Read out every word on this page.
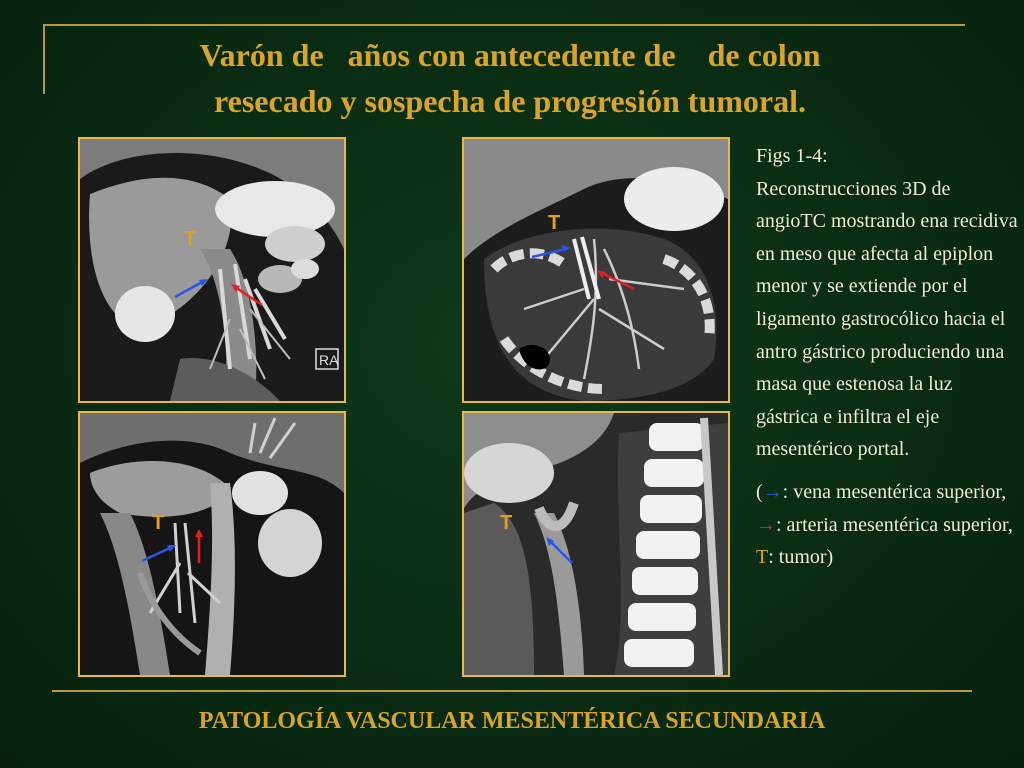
Varón de   años con antecedente de    de colon
resecado y sospecha de progresión tumoral.
RA
T
T
T	T

Figs 1-4:

Reconstrucciones 3D de angioTC mostrando ena recidiva en meso que afecta al epiplon menor y se extiende por el ligamento gastrocólico hacia el antro gástrico produciendo una masa que estenosa la luz gástrica e infiltra el eje mesentérico portal.

(→: vena mesentérica superior, →: arteria mesentérica superior, T: tumor)

PATOLOGÍA VASCULAR MESENTÉRICA SECUNDARIA
